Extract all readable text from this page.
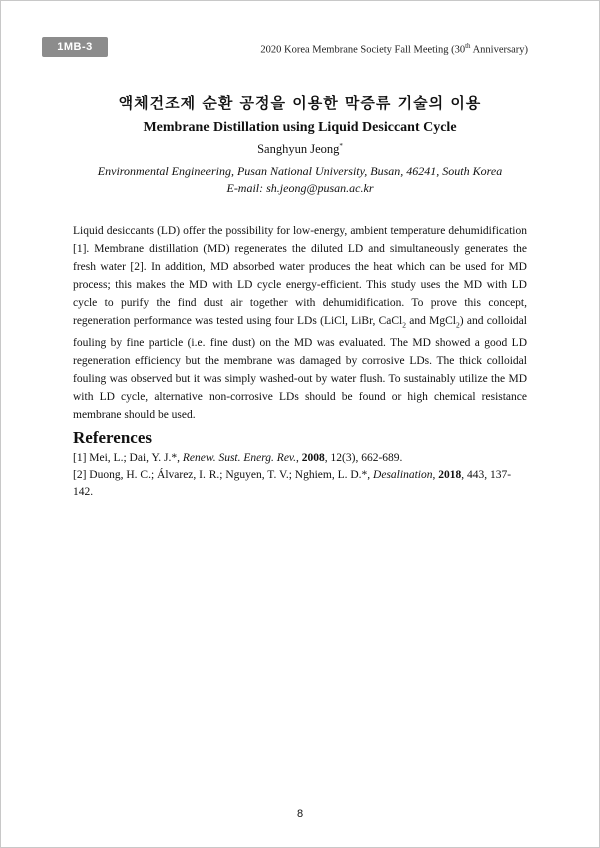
1MB-3	2020 Korea Membrane Society Fall Meeting (30th Anniversary)
액체건조제 순환 공정을 이용한 막증류 기술의 이용
Membrane Distillation using Liquid Desiccant Cycle
Sanghyun Jeong*
Environmental Engineering, Pusan National University, Busan, 46241, South Korea
E-mail: sh.jeong@pusan.ac.kr
Liquid desiccants (LD) offer the possibility for low-energy, ambient temperature dehumidification [1]. Membrane distillation (MD) regenerates the diluted LD and simultaneously generates the fresh water [2]. In addition, MD absorbed water produces the heat which can be used for MD process; this makes the MD with LD cycle energy-efficient. This study uses the MD with LD cycle to purify the find dust air together with dehumidification. To prove this concept, regeneration performance was tested using four LDs (LiCl, LiBr, CaCl$_2$ and MgCl$_2$) and colloidal fouling by fine particle (i.e. fine dust) on the MD was evaluated. The MD showed a good LD regeneration efficiency but the membrane was damaged by corrosive LDs. The thick colloidal fouling was observed but it was simply washed-out by water flush. To sustainably utilize the MD with LD cycle, alternative non-corrosive LDs should be found or high chemical resistance membrane should be used.
References
[1] Mei, L.; Dai, Y. J.*, Renew. Sust. Energ. Rev., 2008, 12(3), 662-689.
[2] Duong, H. C.; Álvarez, I. R.; Nguyen, T. V.; Nghiem, L. D.*, Desalination, 2018, 443, 137-142.
8
